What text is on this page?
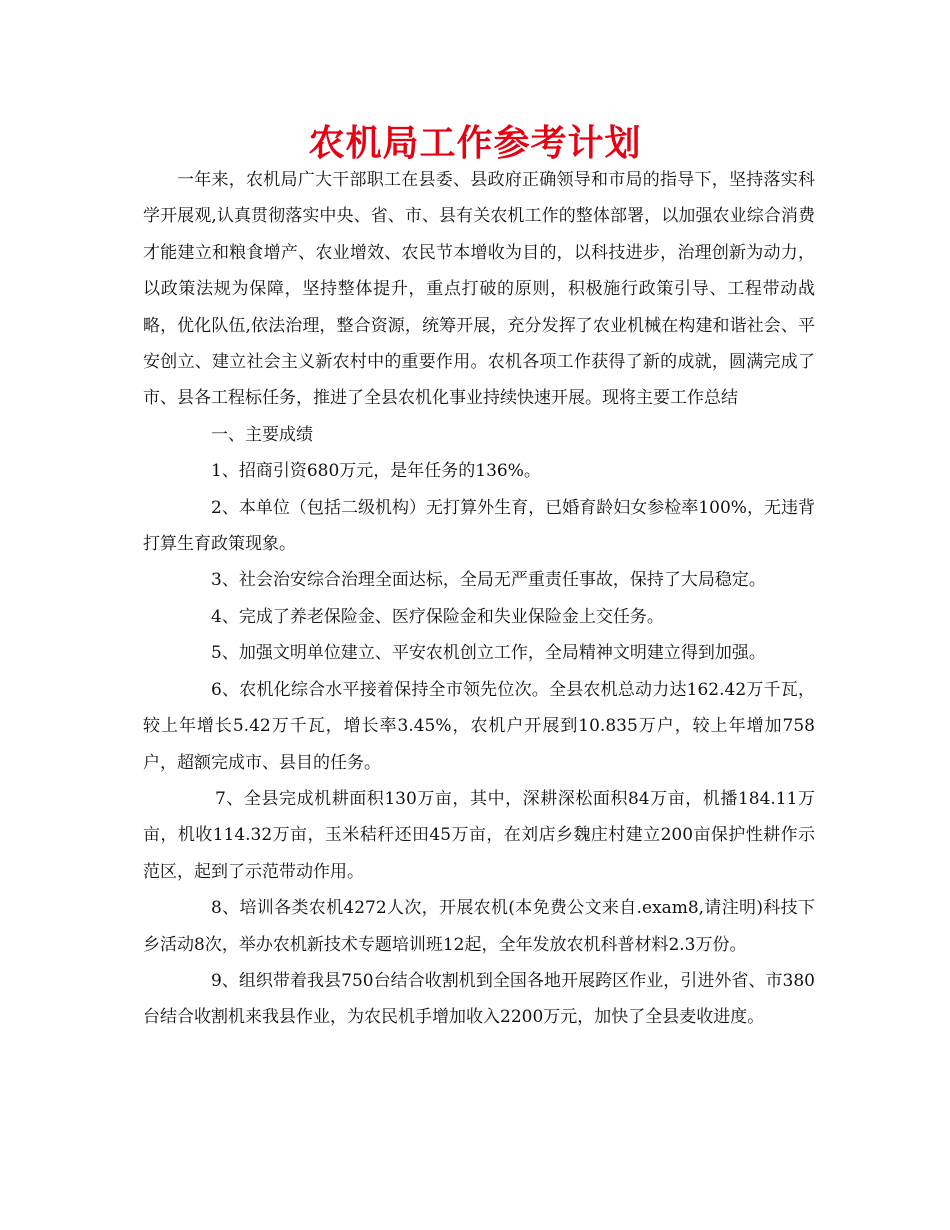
农机局工作参考计划

一年来，农机局广大干部职工在县委、县政府正确领导和市局的指导下，坚持落实科学开展观,认真贯彻落实中央、省、市、县有关农机工作的整体部署，以加强农业综合消费才能建立和粮食增产、农业增效、农民节本增收为目的，以科技进步，治理创新为动力，以政策法规为保障，坚持整体提升，重点打破的原则，积极施行政策引导、工程带动战略，优化队伍,依法治理，整合资源，统筹开展，充分发挥了农业机械在构建和谐社会、平安创立、建立社会主义新农村中的重要作用。农机各项工作获得了新的成就，圆满完成了市、县各工程标任务，推进了全县农机化事业持续快速开展。现将主要工作总结

一、主要成绩

1、招商引资680万元，是年任务的136%。

2、本单位（包括二级机构）无打算外生育，已婚育龄妇女参检率100%，无违背打算生育政策现象。

3、社会治安综合治理全面达标，全局无严重责任事故，保持了大局稳定。

4、完成了养老保险金、医疗保险金和失业保险金上交任务。

5、加强文明单位建立、平安农机创立工作，全局精神文明建立得到加强。

6、农机化综合水平接着保持全市领先位次。全县农机总动力达162.42万千瓦，较上年增长5.42万千瓦，增长率3.45%，农机户开展到10.835万户，较上年增加758户，超额完成市、县目的任务。

7、全县完成机耕面积130万亩，其中，深耕深松面积84万亩，机播184.11万亩，机收114.32万亩，玉米秸秆还田45万亩，在刘店乡魏庄村建立200亩保护性耕作示范区，起到了示范带动作用。

8、培训各类农机4272人次，开展农机(本免费公文来自.exam8,请注明)科技下乡活动8次，举办农机新技术专题培训班12起，全年发放农机科普材料2.3万份。

9、组织带着我县750台结合收割机到全国各地开展跨区作业，引进外省、市380台结合收割机来我县作业，为农民机手增加收入2200万元，加快了全县麦收进度。
